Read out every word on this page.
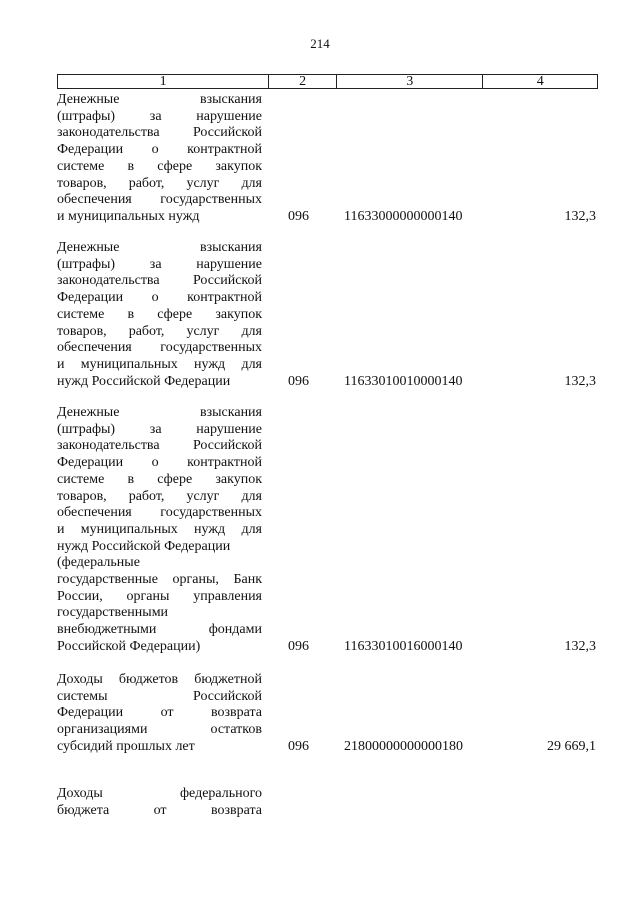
214
1	2	3	4
Денежные взыскания
(штрафы) за нарушение
законодательства Российской
Федерации о контрактной
системе в сфере закупок
товаров, работ, услуг для
обеспечения государственных
и муниципальных нужд	096	11633000000000140	132,3
Денежные взыскания
(штрафы) за нарушение
законодательства Российской
Федерации о контрактной
системе в сфере закупок
товаров, работ, услуг для
обеспечения государственных
и муниципальных нужд для
нужд Российской Федерации	096	11633010010000140	132,3
Денежные взыскания
(штрафы) за нарушение
законодательства Российской
Федерации о контрактной
системе в сфере закупок
товаров, работ, услуг для
обеспечения государственных
и муниципальных нужд для
нужд Российской Федерации
(федеральные
государственные органы, Банк
России, органы управления
государственными
внебюджетными фондами
Российской Федерации)	096	11633010016000140	132,3
Доходы бюджетов бюджетной
системы Российской
Федерации от возврата
организациями остатков
субсидий прошлых лет	096	21800000000000180	29 669,1
Доходы федерального
бюджета от возврата
